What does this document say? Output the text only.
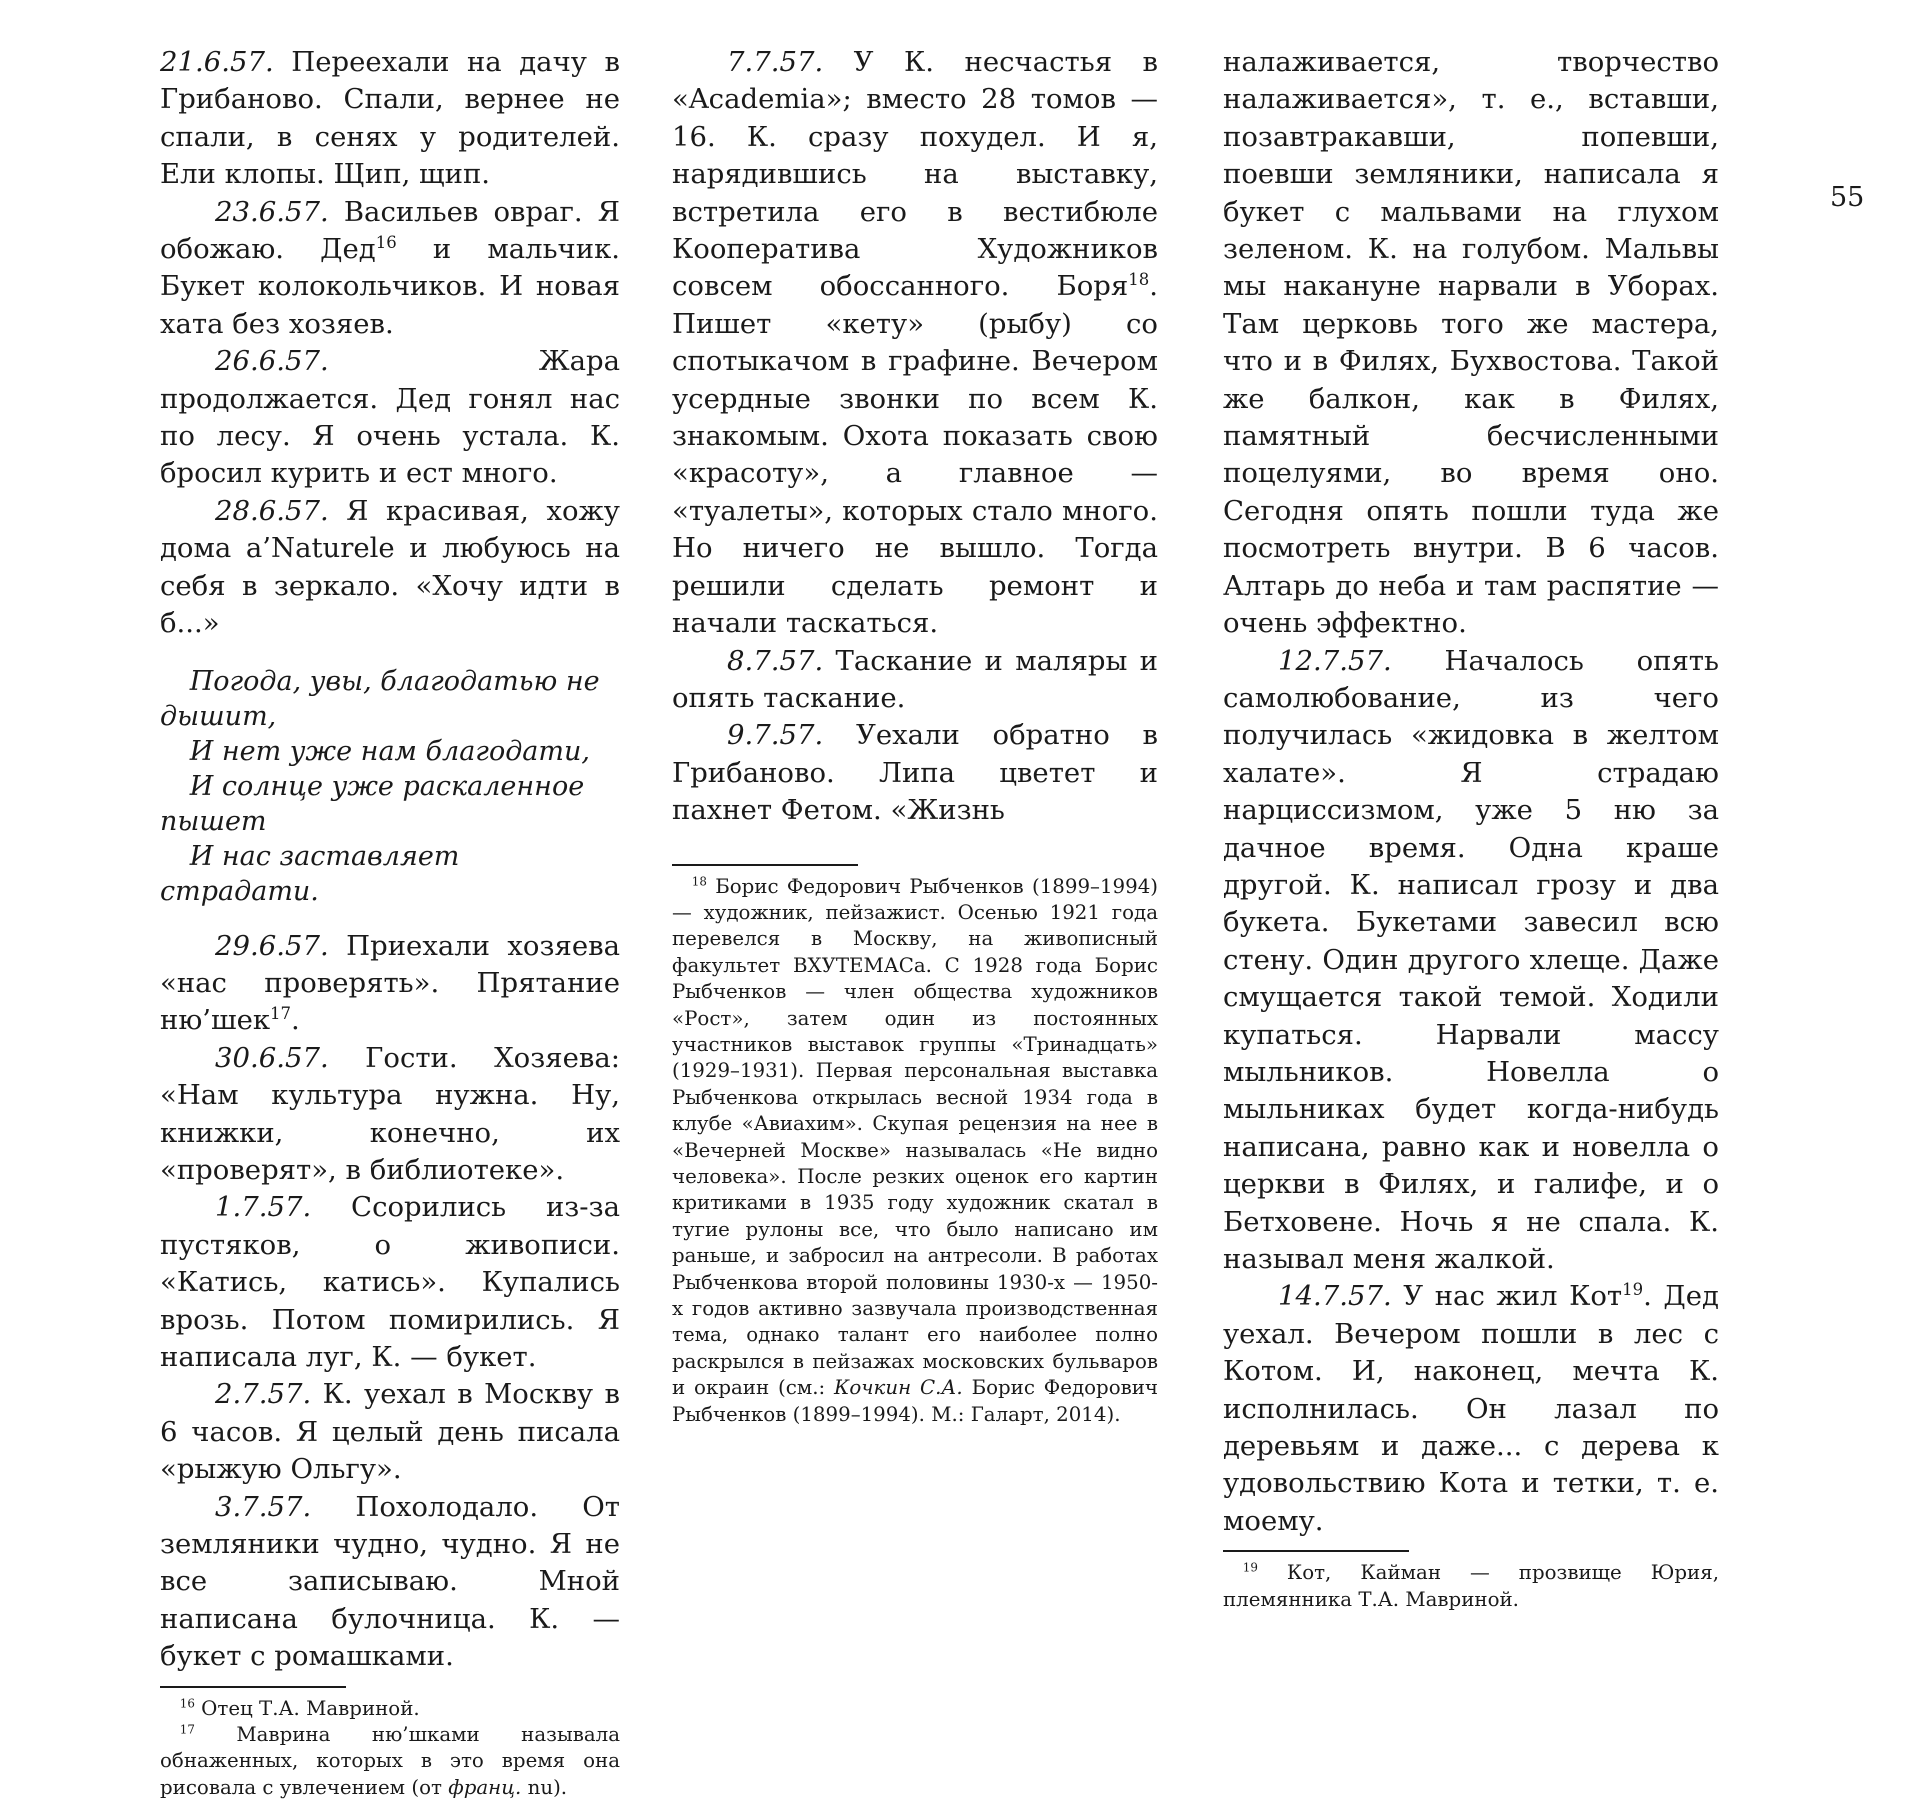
21.6.57. Переехали на дачу в Грибаново. Спали, вернее не спали, в сенях у родителей. Ели клопы. Щип, щип.

23.6.57. Васильев овраг. Я обожаю. Дед$^{16}$ и мальчик. Букет колокольчиков. И новая хата без хозяев.

26.6.57. Жара продолжается. Дед гонял нас по лесу. Я очень устала. К. бросил курить и ест много.

28.6.57. Я красивая, хожу дома a’Naturele и любуюсь на себя в зеркало. «Хочу идти в б...»

Погода, увы, благодатью не дышит,
И нет уже нам благодати,
И солнце уже раскаленное пышет
И нас заставляет страдати.

29.6.57. Приехали хозяева «нас проверять». Прятание ню’шек$^{17}$.

30.6.57. Гости. Хозяева: «Нам культура нужна. Ну, книжки, конечно, их «проверят», в библиотеке».

1.7.57. Ссорились из-за пустяков, о живописи. «Катись, катись». Купались врозь. Потом помирились. Я написала луг, К. — букет.

2.7.57. К. уехал в Москву в 6 часов. Я целый день писала «рыжую Ольгу».

3.7.57. Похолодало. От земляники чудно, чудно. Я не все записываю. Мной написана булочница. К. — букет с ромашками.

$^{16}$ Отец Т.А. Мавриной.

$^{17}$ Маврина ню’шками называла обнаженных, которых в это время она рисовала с увлечением (от франц. nu).

7.7.57. У К. несчастья в «Academia»; вместо 28 томов — 16. К. сразу похудел. И я, нарядившись на выставку, встретила его в вестибюле Кооператива Художников совсем обосcанного. Боря$^{18}$. Пишет «кету» (рыбу) со спотыкачом в графине. Вечером усердные звонки по всем К. знакомым. Охота показать свою «красоту», а главное — «туалеты», которых стало много. Но ничего не вышло. Тогда решили сделать ремонт и начали таскаться.

8.7.57. Таскание и маляры и опять таскание.

9.7.57. Уехали обратно в Грибаново. Липа цветет и пахнет Фетом. «Жизнь

$^{18}$ Борис Федорович Рыбченков (1899–1994) — художник, пейзажист. Осенью 1921 года перевелся в Москву, на живописный факультет ВХУТЕМАСа. С 1928 года Борис Рыбченков — член общества художников «Рост», затем один из постоянных участников выставок группы «Тринадцать» (1929–1931). Первая персональная выставка Рыбченкова открылась весной 1934 года в клубе «Авиахим». Скупая рецензия на нее в «Вечерней Москве» называлась «Не видно человека». После резких оценок его картин критиками в 1935 году художник скатал в тугие рулоны все, что было написано им раньше, и забросил на антресоли. В работах Рыбченкова второй половины 1930-х — 1950-х годов активно зазвучала производственная тема, однако талант его наиболее полно раскрылся в пейзажах московских бульваров и окраин (см.: Кочкин С.А. Борис Федорович Рыбченков (1899–1994). М.: Галарт, 2014).

налаживается, творчество налаживается», т. е., вставши, позавтракавши, попевши, поевши земляники, написала я букет с мальвами на глухом зеленом. К. на голубом. Мальвы мы накануне нарвали в Уборах. Там церковь того же мастера, что и в Филях, Бухвостова. Такой же балкон, как в Филях, памятный бесчисленными поцелуями, во время оно. Сегодня опять пошли туда же посмотреть внутри. В 6 часов. Алтарь до неба и там распятие — очень эффектно.

12.7.57. Началось опять самолюбование, из чего получилась «жидовка в желтом халате». Я страдаю нарциссизмом, уже 5 ню за дачное время. Одна краше другой. К. написал грозу и два букета. Букетами завесил всю стену. Один другого хлеще. Даже смущается такой темой. Ходили купаться. Нарвали массу мыльников. Новелла о мыльниках будет когда-нибудь написана, равно как и новелла о церкви в Филях, и галифе, и о Бетховене. Ночь я не спала. К. называл меня жалкой.

14.7.57. У нас жил Кот$^{19}$. Дед уехал. Вечером пошли в лес с Котом. И, наконец, мечта К. исполнилась. Он лазал по деревьям и даже... с дерева к удовольствию Кота и тетки, т. е. моему.

$^{19}$ Кот, Кайман — прозвище Юрия, племянника Т.А. Мавриной.

55
